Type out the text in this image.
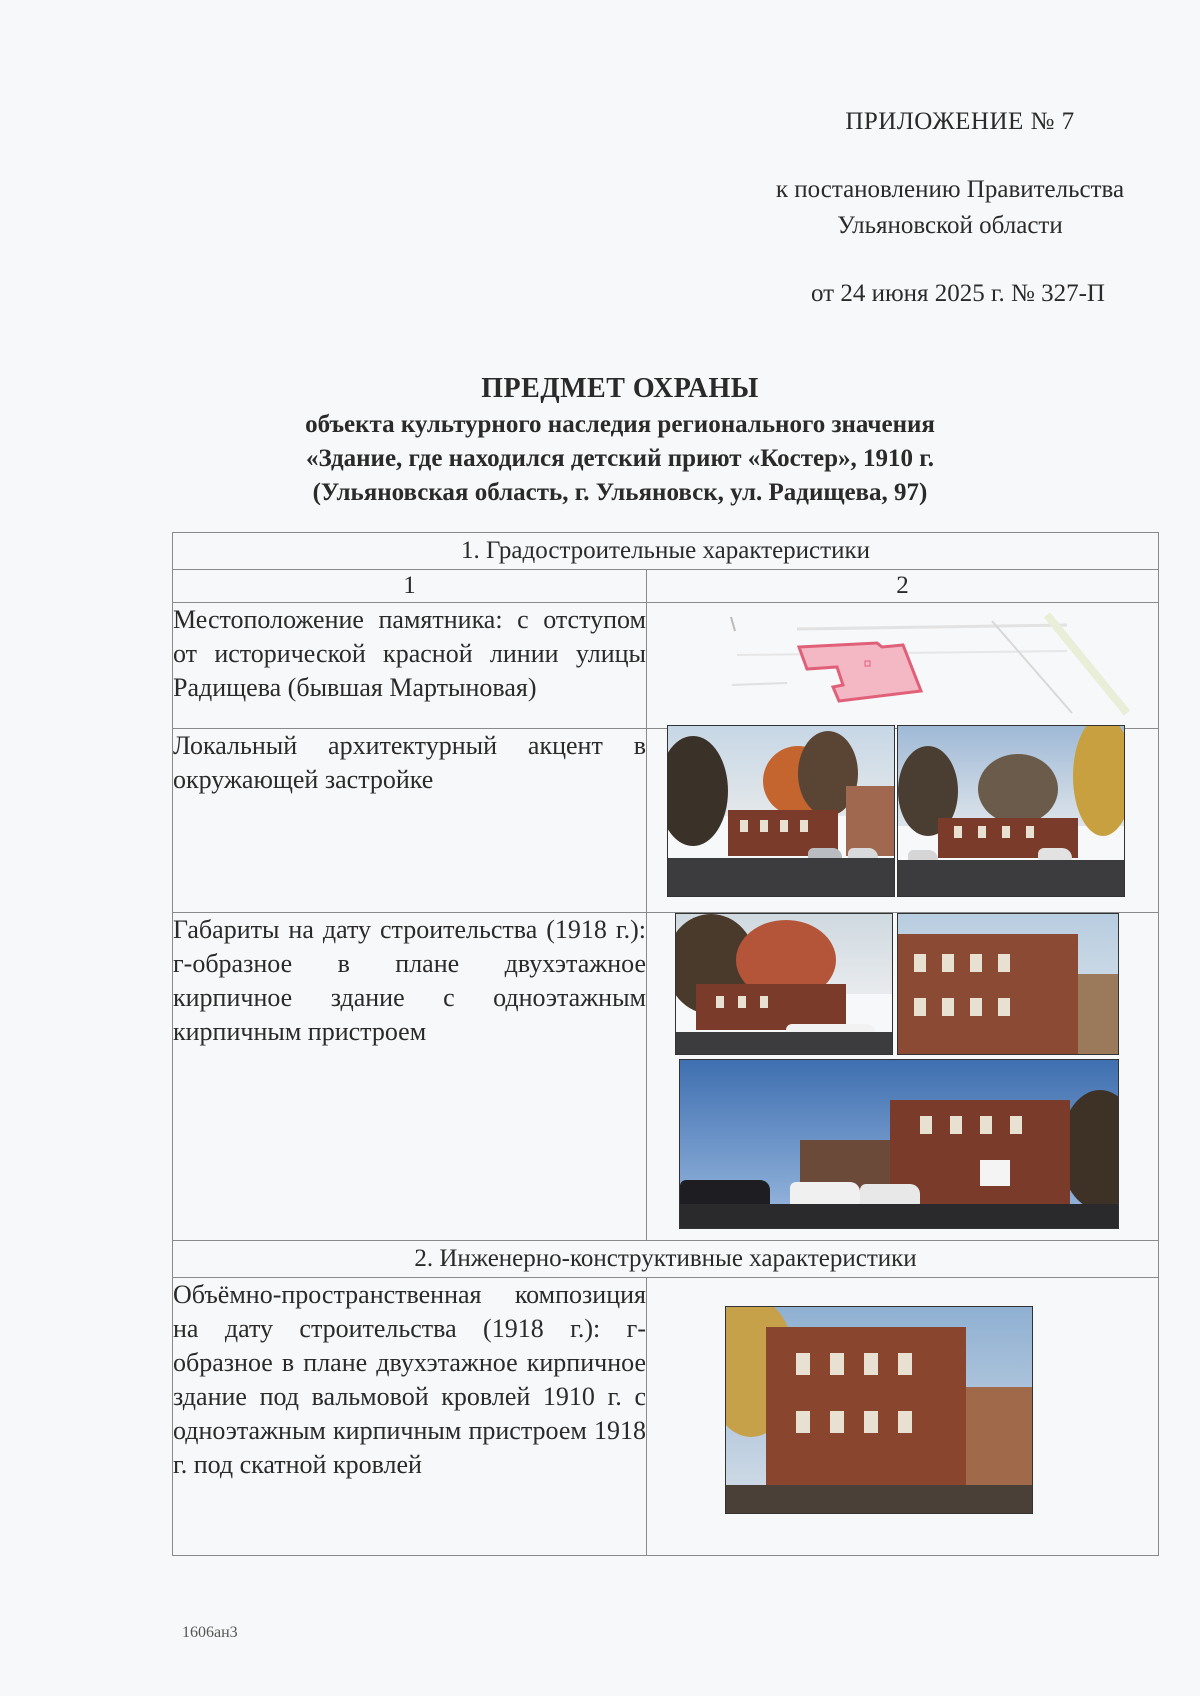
ПРИЛОЖЕНИЕ № 7
к постановлению Правительства
Ульяновской области
от 24 июня 2025 г. № 327-П
ПРЕДМЕТ ОХРАНЫ
объекта культурного наследия регионального значения
«Здание, где находился детский приют «Костер», 1910 г.
(Ульяновская область, г. Ульяновск, ул. Радищева, 97)
1. Градостроительные характеристики	
1	2
Местоположение памятника: с отступом от исторической красной линии улицы Радищева (бывшая Мартыновая)	

Локальный архитектурный акцент в окружающей застройке	

Габариты на дату строительства (1918 г.): г-образное в плане двухэтажное кирпичное здание с одноэтажным кирпичным пристроем	

2. Инженерно-конструктивные характеристики	
Объёмно-пространственная композиция на дату строительства (1918 г.): г-образное в плане двухэтажное кирпичное здание под вальмовой кровлей 1910 г. с одноэтажным кирпичным пристроем 1918 г. под скатной кровлей	
1606ан3
